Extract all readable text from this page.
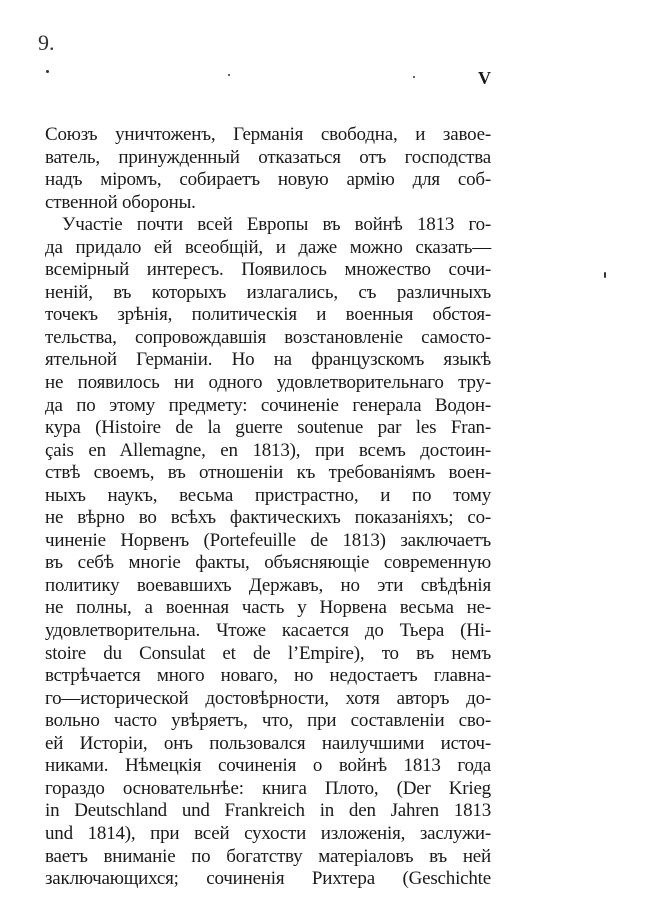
9.
V
Союзъ уничтоженъ, Германія свободна, и завое-
ватель, принужденный отказаться отъ господства
надъ міромъ, собираетъ новую армію для соб-
ственной обороны.
Участіе почти всей Европы въ войнѣ 1813 го-
да придало ей всеобщій, и даже можно сказать—
всемірный интересъ. Появилось множество сочи-
неній, въ которыхъ излагались, съ различныхъ
точекъ зрѣнія, политическія и военныя обстоя-
тельства, сопровождавшія возстановленіе самосто-
ятельной Германіи. Но на французскомъ языкѣ
не появилось ни одного удовлетворительнаго тру-
да по этому предмету: сочиненіе генерала Водон-
кура (Histoire de la guerre soutenue par les Fran-
çais en Allemagne, en 1813), при всемъ достоин-
ствѣ своемъ, въ отношеніи къ требованіямъ воен-
ныхъ наукъ, весьма пристрастно, и по тому
не вѣрно во всѣхъ фактическихъ показаніяхъ; со-
чиненіе Норвенъ (Portefeuille de 1813) заключаетъ
въ себѣ многіе факты, объясняющіе современную
политику воевавшихъ Державъ, но эти свѣдѣнія
не полны, а военная часть у Норвена весьма не-
удовлетворительна. Чтоже касается до Тьера (Hi-
stoire du Consulat et de l’Empire), то въ немъ
встрѣчается много новаго, но недостаетъ главна-
го—исторической достовѣрности, хотя авторъ до-
вольно часто увѣряетъ, что, при составленіи сво-
ей Исторіи, онъ пользовался наилучшими источ-
никами. Нѣмецкія сочиненія о войнѣ 1813 года
гораздо основательнѣе: книга Плото, (Der Krieg
in Deutschland und Frankreich in den Jahren 1813
und 1814), при всей сухости изложенія, заслужи-
ваетъ вниманіе по богатству матеріаловъ въ ней
заключающихся; сочиненія Рихтера (Geschichte
